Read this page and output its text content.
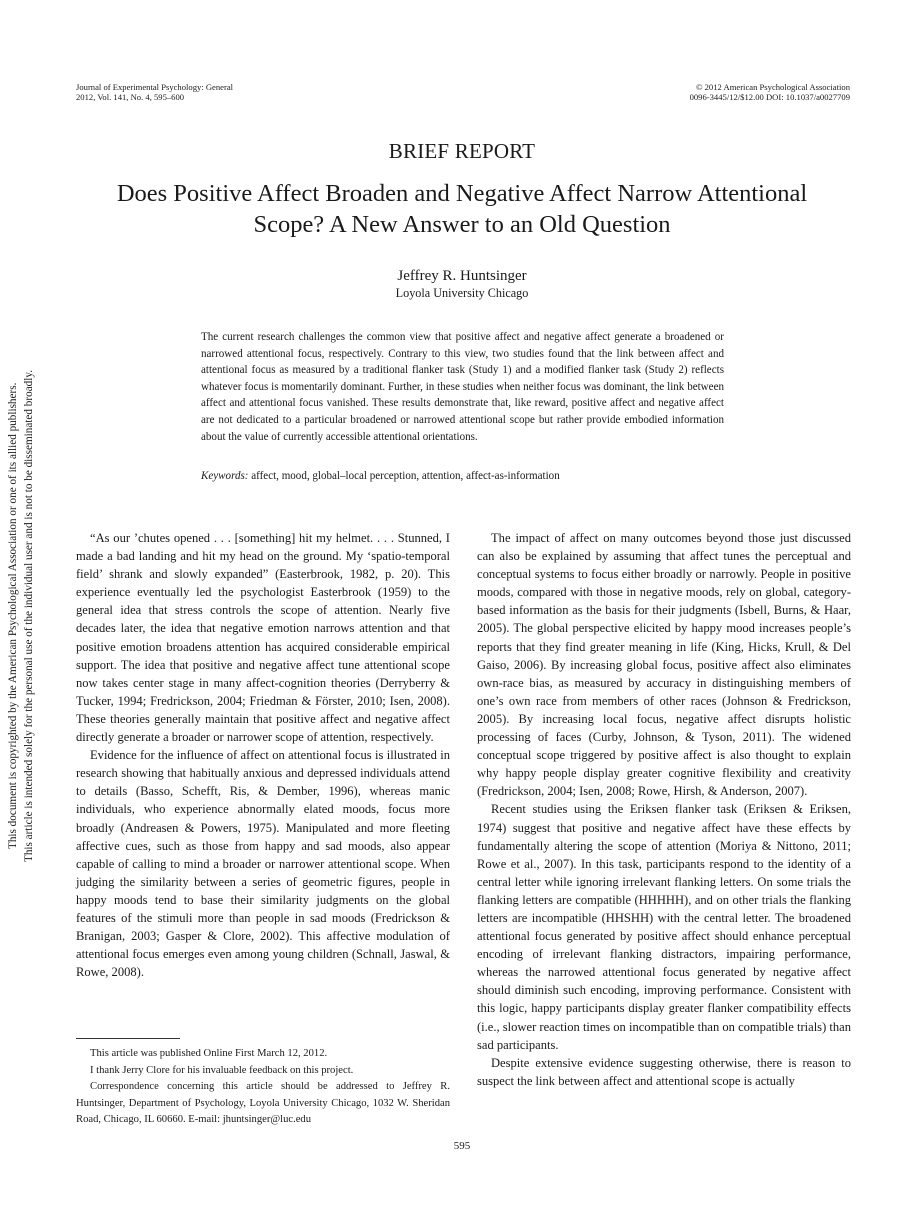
Journal of Experimental Psychology: General
2012, Vol. 141, No. 4, 595–600
© 2012 American Psychological Association
0096-3445/12/$12.00 DOI: 10.1037/a0027709
This document is copyrighted by the American Psychological Association or one of its allied publishers. This article is intended solely for the personal use of the individual user and is not to be disseminated broadly.
BRIEF REPORT
Does Positive Affect Broaden and Negative Affect Narrow Attentional Scope? A New Answer to an Old Question
Jeffrey R. Huntsinger
Loyola University Chicago
The current research challenges the common view that positive affect and negative affect generate a broadened or narrowed attentional focus, respectively. Contrary to this view, two studies found that the link between affect and attentional focus as measured by a traditional flanker task (Study 1) and a modified flanker task (Study 2) reflects whatever focus is momentarily dominant. Further, in these studies when neither focus was dominant, the link between affect and attentional focus vanished. These results demonstrate that, like reward, positive affect and negative affect are not dedicated to a particular broadened or narrowed attentional scope but rather provide embodied information about the value of currently accessible attentional orientations.
Keywords: affect, mood, global–local perception, attention, affect-as-information

“As our ’chutes opened . . . [something] hit my helmet. . . . Stunned, I made a bad landing and hit my head on the ground. My ‘spatio-temporal field’ shrank and slowly expanded” (Easterbrook, 1982, p. 20). This experience eventually led the psychologist Easterbrook (1959) to the general idea that stress controls the scope of attention. Nearly five decades later, the idea that negative emotion narrows attention and that positive emotion broadens attention has acquired considerable empirical support. The idea that positive and negative affect tune attentional scope now takes center stage in many affect-cognition theories (Derryberry & Tucker, 1994; Fredrickson, 2004; Friedman & Förster, 2010; Isen, 2008). These theories generally maintain that positive affect and negative affect directly generate a broader or narrower scope of attention, respectively.

Evidence for the influence of affect on attentional focus is illustrated in research showing that habitually anxious and depressed individuals attend to details (Basso, Schefft, Ris, & Dember, 1996), whereas manic individuals, who experience abnormally elated moods, focus more broadly (Andreasen & Powers, 1975). Manipulated and more fleeting affective cues, such as those from happy and sad moods, also appear capable of calling to mind a broader or narrower attentional scope. When judging the similarity between a series of geometric figures, people in happy moods tend to base their similarity judgments on the global features of the stimuli more than people in sad moods (Fredrickson & Branigan, 2003; Gasper & Clore, 2002). This affective modulation of attentional focus emerges even among young children (Schnall, Jaswal, & Rowe, 2008).

The impact of affect on many outcomes beyond those just discussed can also be explained by assuming that affect tunes the perceptual and conceptual systems to focus either broadly or narrowly. People in positive moods, compared with those in negative moods, rely on global, category-based information as the basis for their judgments (Isbell, Burns, & Haar, 2005). The global perspective elicited by happy mood increases people’s reports that they find greater meaning in life (King, Hicks, Krull, & Del Gaiso, 2006). By increasing global focus, positive affect also eliminates own-race bias, as measured by accuracy in distinguishing members of one’s own race from members of other races (Johnson & Fredrickson, 2005). By increasing local focus, negative affect disrupts holistic processing of faces (Curby, Johnson, & Tyson, 2011). The widened conceptual scope triggered by positive affect is also thought to explain why happy people display greater cognitive flexibility and creativity (Fredrickson, 2004; Isen, 2008; Rowe, Hirsh, & Anderson, 2007).

Recent studies using the Eriksen flanker task (Eriksen & Eriksen, 1974) suggest that positive and negative affect have these effects by fundamentally altering the scope of attention (Moriya & Nittono, 2011; Rowe et al., 2007). In this task, participants respond to the identity of a central letter while ignoring irrelevant flanking letters. On some trials the flanking letters are compatible (HHHHH), and on other trials the flanking letters are incompatible (HHSHH) with the central letter. The broadened attentional focus generated by positive affect should enhance perceptual encoding of irrelevant flanking distractors, impairing performance, whereas the narrowed attentional focus generated by negative affect should diminish such encoding, improving performance. Consistent with this logic, happy participants display greater flanker compatibility effects (i.e., slower reaction times on incompatible than on compatible trials) than sad participants.

Despite extensive evidence suggesting otherwise, there is reason to suspect the link between affect and attentional scope is actually

This article was published Online First March 12, 2012.

I thank Jerry Clore for his invaluable feedback on this project.

Correspondence concerning this article should be addressed to Jeffrey R. Huntsinger, Department of Psychology, Loyola University Chicago, 1032 W. Sheridan Road, Chicago, IL 60660. E-mail: jhuntsinger@luc.edu

595
